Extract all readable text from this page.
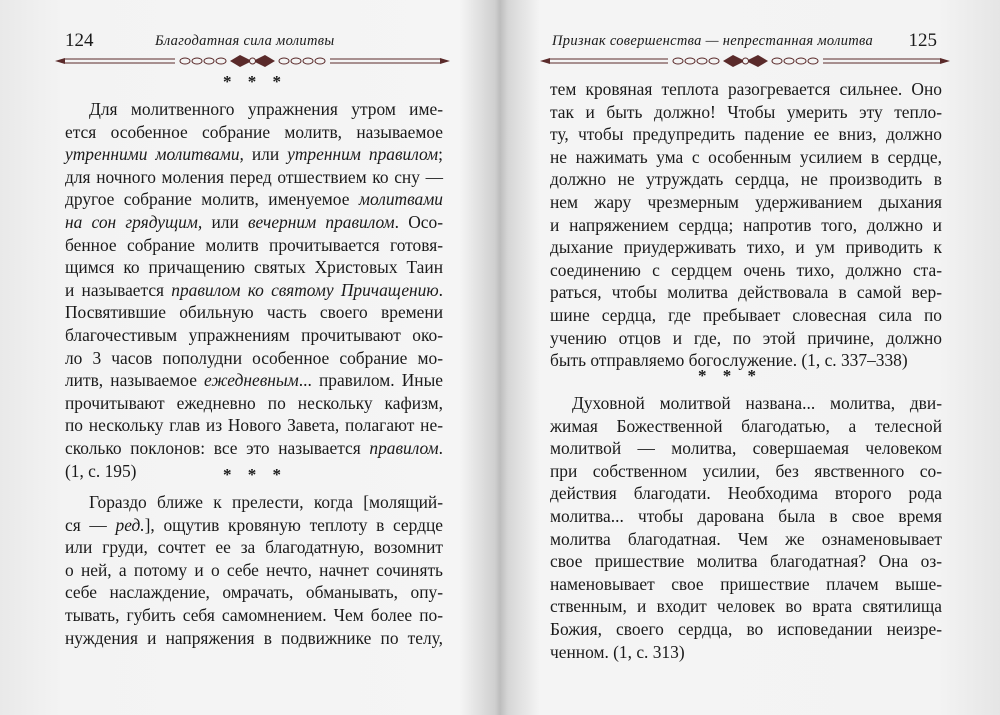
124	Благодатная сила молитвы
* * *
Для молитвенного упражнения утром име-
ется особенное собрание молитв, называемое
утренними молитвами, или утренним правилом;
для ночного моления перед отшествием ко сну —
другое собрание молитв, именуемое молитвами
на сон грядущим, или вечерним правилом. Осо-
бенное собрание молитв прочитывается готовя-
щимся ко причащению святых Христовых Таин
и называется правилом ко святому Причащению.
Посвятившие обильную часть своего времени
благочестивым упражнениям прочитывают око-
ло 3 часов пополудни особенное собрание мо-
литв, называемое ежедневным... правилом. Иные
прочитывают ежедневно по нескольку кафизм,
по нескольку глав из Нового Завета, полагают не-
сколько поклонов: все это называется правилом.
(1, с. 195)	* * *
Гораздо ближе к прелести, когда [молящий-
ся — ред.], ощутив кровяную теплоту в сердце
или груди, сочтет ее за благодатную, возомнит
о ней, а потому и о себе нечто, начнет сочинять
себе наслаждение, омрачать, обманывать, опу-
тывать, губить себя самомнением. Чем более по-
нуждения и напряжения в подвижнике по телу,
Признак совершенства — непрестанная молитва 125
тем кровяная теплота разогревается сильнее. Оно
так и быть должно! Чтобы умерить эту тепло-
ту, чтобы предупредить падение ее вниз, должно
не нажимать ума с особенным усилием в сердце,
должно не утруждать сердца, не производить в
нем жару чрезмерным удерживанием дыхания
и напряжением сердца; напротив того, должно и
дыхание приудерживать тихо, и ум приводить к
соединению с сердцем очень тихо, должно ста-
раться, чтобы молитва действовала в самой вер-
шине сердца, где пребывает словесная сила по
учению отцов и где, по этой причине, должно
быть отправляемо богослужение. (1, с. 337–338)
* * *
Духовной молитвой названа... молитва, дви-
жимая Божественной благодатью, а телесной
молитвой — молитва, совершаемая человеком
при собственном усилии, без явственного со-
действия благодати. Необходима второго рода
молитва... чтобы дарована была в свое время
молитва благодатная. Чем же ознаменовывает
свое пришествие молитва благодатная? Она оз-
наменовывает свое пришествие плачем выше-
ственным, и входит человек во врата святилища
Божия, своего сердца, во исповедании неизре-
ченном. (1, с. 313)
